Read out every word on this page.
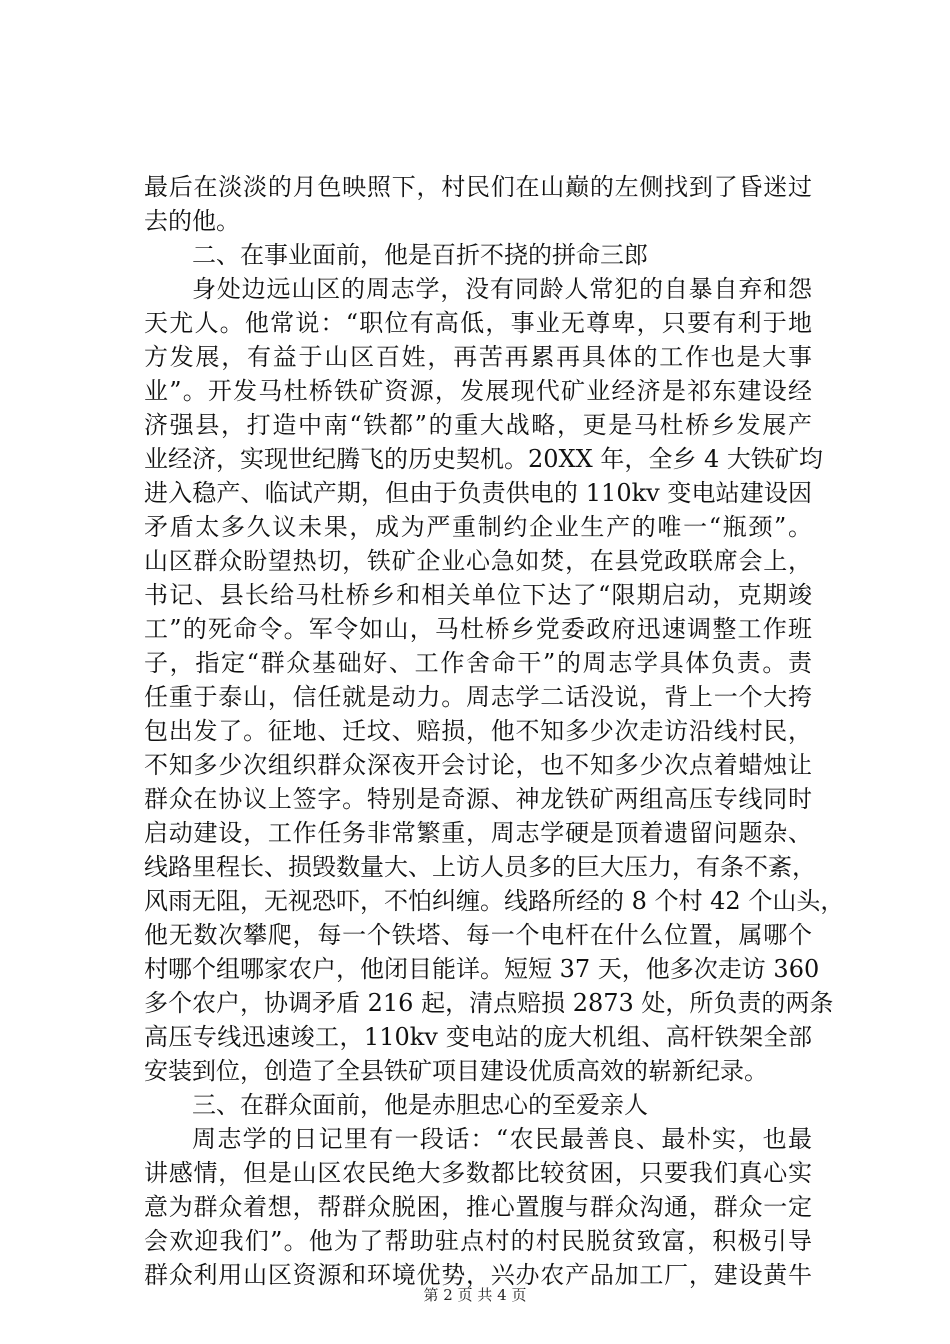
最后在淡淡的月色映照下，村民们在山巅的左侧找到了昏迷过
去的他。
二、在事业面前，他是百折不挠的拼命三郎
身处边远山区的周志学，没有同龄人常犯的自暴自弃和怨
天尤人。他常说：“职位有高低，事业无尊卑，只要有利于地
方发展，有益于山区百姓，再苦再累再具体的工作也是大事
业”。开发马杜桥铁矿资源，发展现代矿业经济是祁东建设经
济强县，打造中南“铁都”的重大战略，更是马杜桥乡发展产
业经济，实现世纪腾飞的历史契机。20XX 年，全乡 4 大铁矿均
进入稳产、临试产期，但由于负责供电的 110kv 变电站建设因
矛盾太多久议未果，成为严重制约企业生产的唯一“瓶颈”。
山区群众盼望热切，铁矿企业心急如焚，在县党政联席会上，
书记、县长给马杜桥乡和相关单位下达了“限期启动，克期竣
工”的死命令。军令如山，马杜桥乡党委政府迅速调整工作班
子，指定“群众基础好、工作舍命干”的周志学具体负责。责
任重于泰山，信任就是动力。周志学二话没说，背上一个大挎
包出发了。征地、迁坟、赔损，他不知多少次走访沿线村民，
不知多少次组织群众深夜开会讨论，也不知多少次点着蜡烛让
群众在协议上签字。特别是奇源、神龙铁矿两组高压专线同时
启动建设，工作任务非常繁重，周志学硬是顶着遗留问题杂、
线路里程长、损毁数量大、上访人员多的巨大压力，有条不紊，
风雨无阻，无视恐吓，不怕纠缠。线路所经的 8 个村 42 个山头，
他无数次攀爬，每一个铁塔、每一个电杆在什么位置，属哪个
村哪个组哪家农户，他闭目能详。短短 37 天，他多次走访 360
多个农户，协调矛盾 216 起，清点赔损 2873 处，所负责的两条
高压专线迅速竣工，110kv 变电站的庞大机组、高杆铁架全部
安装到位，创造了全县铁矿项目建设优质高效的崭新纪录。
三、在群众面前，他是赤胆忠心的至爱亲人
周志学的日记里有一段话：“农民最善良、最朴实，也最
讲感情，但是山区农民绝大多数都比较贫困，只要我们真心实
意为群众着想，帮群众脱困，推心置腹与群众沟通，群众一定
会欢迎我们”。他为了帮助驻点村的村民脱贫致富，积极引导
群众利用山区资源和环境优势，兴办农产品加工厂，建设黄牛
第 2 页 共 4 页
